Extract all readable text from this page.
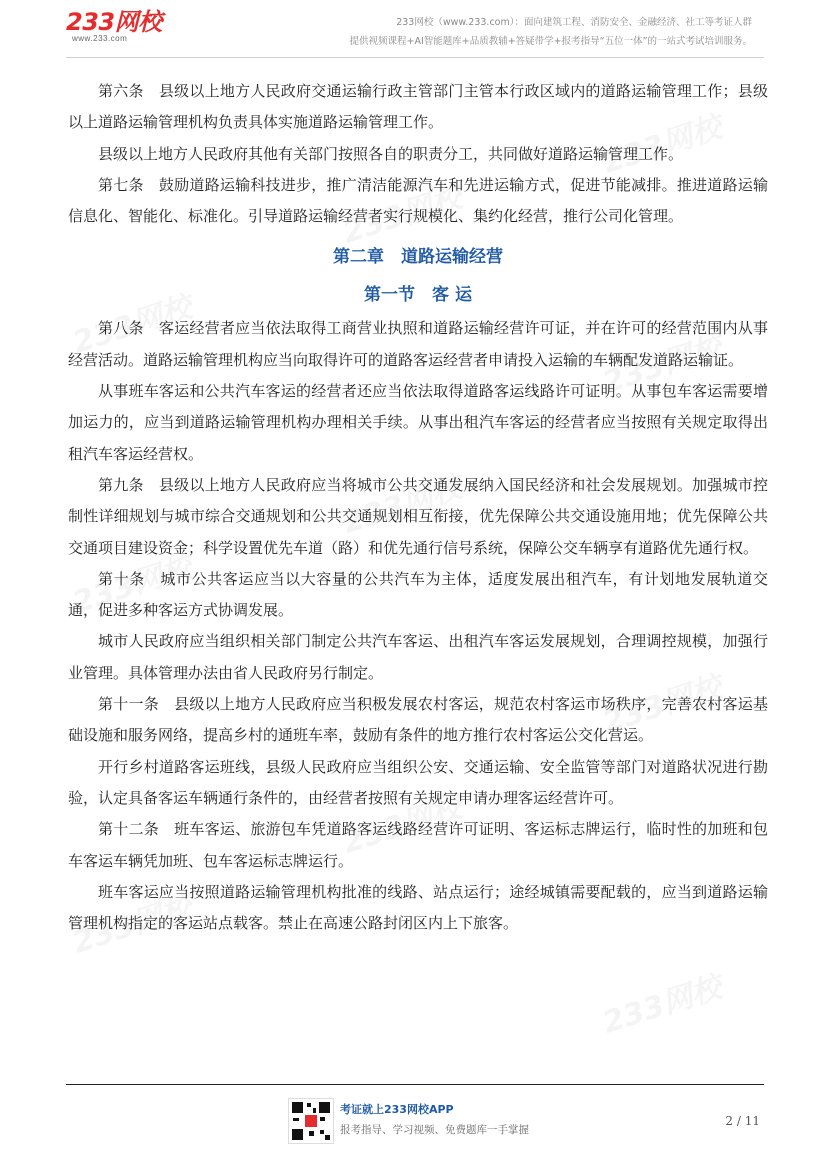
233网校
www.233.com
233网校（www.233.com）：面向建筑工程、消防安全、金融经济、社工等考证人群
提供视频课程+AI智能题库+品质教辅+答疑带学+报考指导“五位一体”的一站式考试培训服务。

第六条　县级以上地方人民政府交通运输行政主管部门主管本行政区域内的道路运输管理工作；县级以上道路运输管理机构负责具体实施道路运输管理工作。

县级以上地方人民政府其他有关部门按照各自的职责分工，共同做好道路运输管理工作。

第七条　鼓励道路运输科技进步，推广清洁能源汽车和先进运输方式，促进节能减排。推进道路运输信息化、智能化、标准化。引导道路运输经营者实行规模化、集约化经营，推行公司化管理。

第二章　道路运输经营
第一节　客 运

第八条　客运经营者应当依法取得工商营业执照和道路运输经营许可证，并在许可的经营范围内从事经营活动。道路运输管理机构应当向取得许可的道路客运经营者申请投入运输的车辆配发道路运输证。

从事班车客运和公共汽车客运的经营者还应当依法取得道路客运线路许可证明。从事包车客运需要增加运力的，应当到道路运输管理机构办理相关手续。从事出租汽车客运的经营者应当按照有关规定取得出租汽车客运经营权。

第九条　县级以上地方人民政府应当将城市公共交通发展纳入国民经济和社会发展规划。加强城市控制性详细规划与城市综合交通规划和公共交通规划相互衔接，优先保障公共交通设施用地；优先保障公共交通项目建设资金；科学设置优先车道（路）和优先通行信号系统，保障公交车辆享有道路优先通行权。

第十条　城市公共客运应当以大容量的公共汽车为主体，适度发展出租汽车，有计划地发展轨道交通，促进多种客运方式协调发展。

城市人民政府应当组织相关部门制定公共汽车客运、出租汽车客运发展规划，合理调控规模，加强行业管理。具体管理办法由省人民政府另行制定。

第十一条　县级以上地方人民政府应当积极发展农村客运，规范农村客运市场秩序，完善农村客运基础设施和服务网络，提高乡村的通班车率，鼓励有条件的地方推行农村客运公交化营运。

开行乡村道路客运班线，县级人民政府应当组织公安、交通运输、安全监管等部门对道路状况进行勘验，认定具备客运车辆通行条件的，由经营者按照有关规定申请办理客运经营许可。

第十二条　班车客运、旅游包车凭道路客运线路经营许可证明、客运标志牌运行，临时性的加班和包车客运车辆凭加班、包车客运标志牌运行。

班车客运应当按照道路运输管理机构批准的线路、站点运行；途经城镇需要配载的，应当到道路运输管理机构指定的客运站点载客。禁止在高速公路封闭区内上下旅客。

考证就上233网校APP
报考指导、学习视频、免费题库一手掌握
2 / 11
